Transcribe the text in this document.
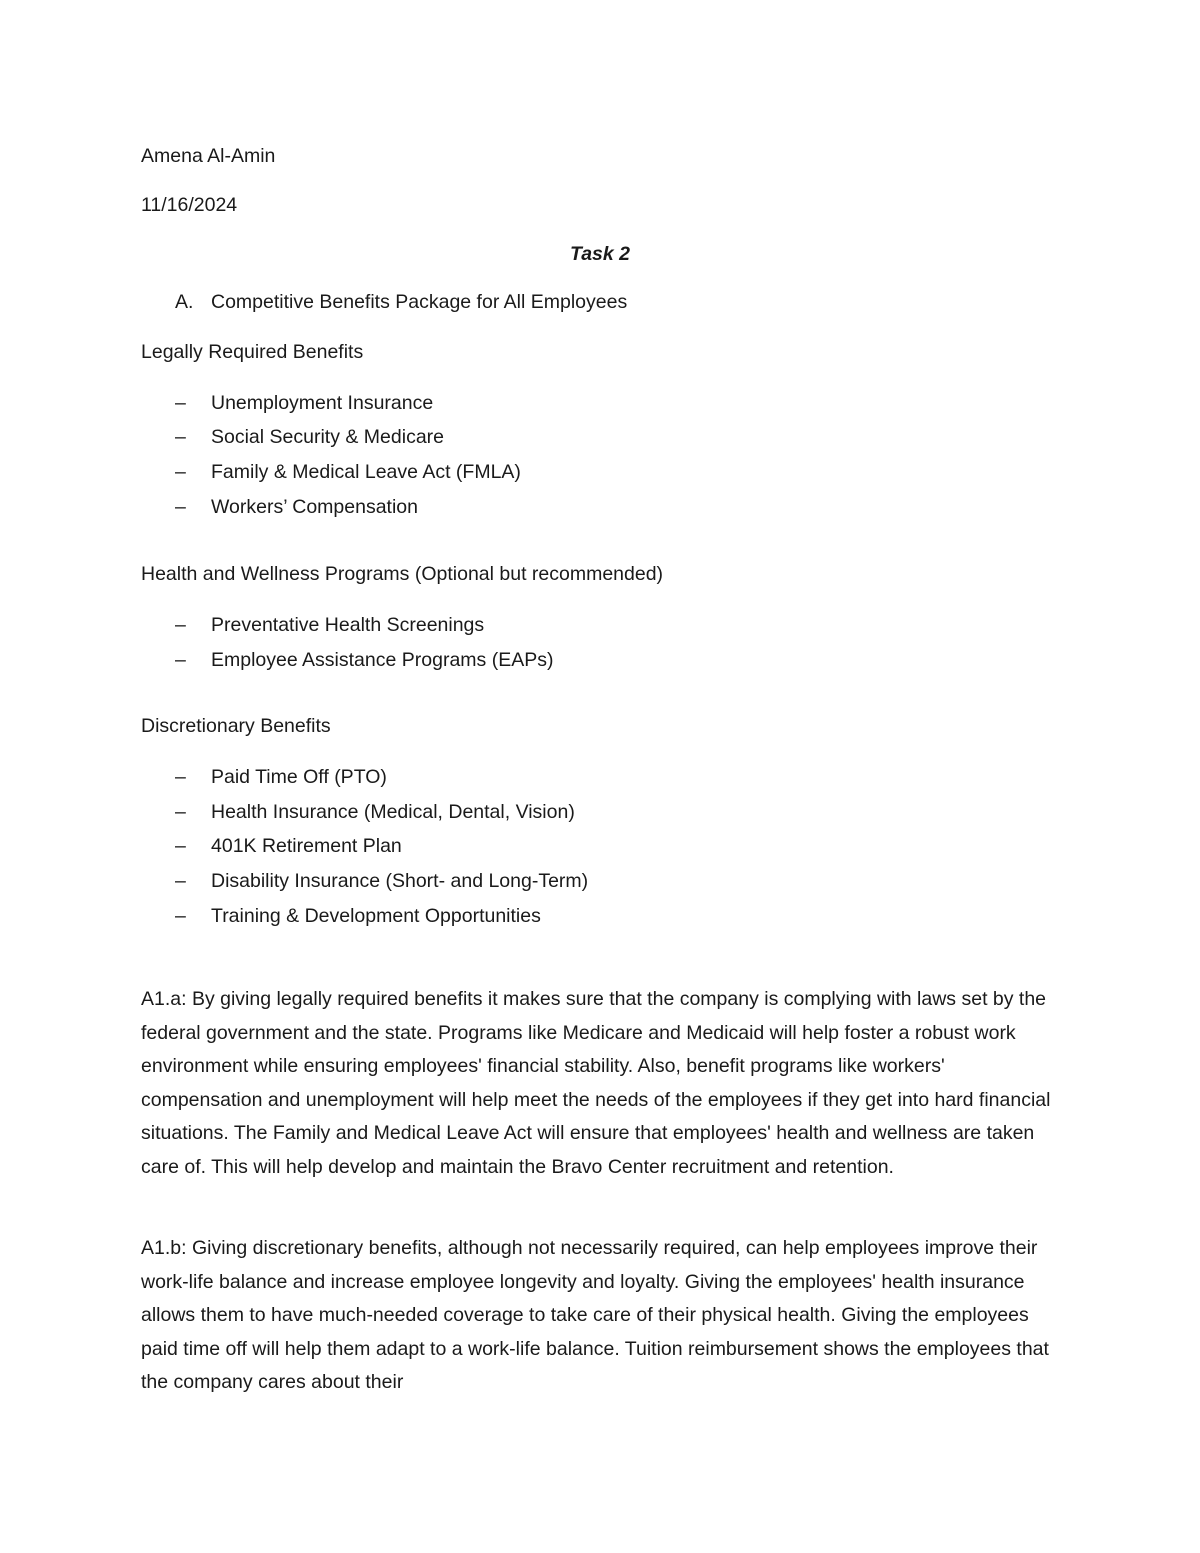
Amena Al-Amin
11/16/2024
Task 2
A. Competitive Benefits Package for All Employees
Legally Required Benefits
– Unemployment Insurance
– Social Security & Medicare
– Family & Medical Leave Act (FMLA)
– Workers’ Compensation
Health and Wellness Programs (Optional but recommended)
– Preventative Health Screenings
– Employee Assistance Programs (EAPs)
Discretionary Benefits
– Paid Time Off (PTO)
– Health Insurance (Medical, Dental, Vision)
– 401K Retirement Plan
– Disability Insurance (Short- and Long-Term)
– Training & Development Opportunities

A1.a: By giving legally required benefits it makes sure that the company is complying with laws set by the federal government and the state. Programs like Medicare and Medicaid will help foster a robust work environment while ensuring employees' financial stability. Also, benefit programs like workers' compensation and unemployment will help meet the needs of the employees if they get into hard financial situations. The Family and Medical Leave Act will ensure that employees' health and wellness are taken care of. This will help develop and maintain the Bravo Center recruitment and retention.

A1.b: Giving discretionary benefits, although not necessarily required, can help employees improve their work-life balance and increase employee longevity and loyalty. Giving the employees' health insurance allows them to have much-needed coverage to take care of their physical health. Giving the employees paid time off will help them adapt to a work-life balance. Tuition reimbursement shows the employees that the company cares about their
